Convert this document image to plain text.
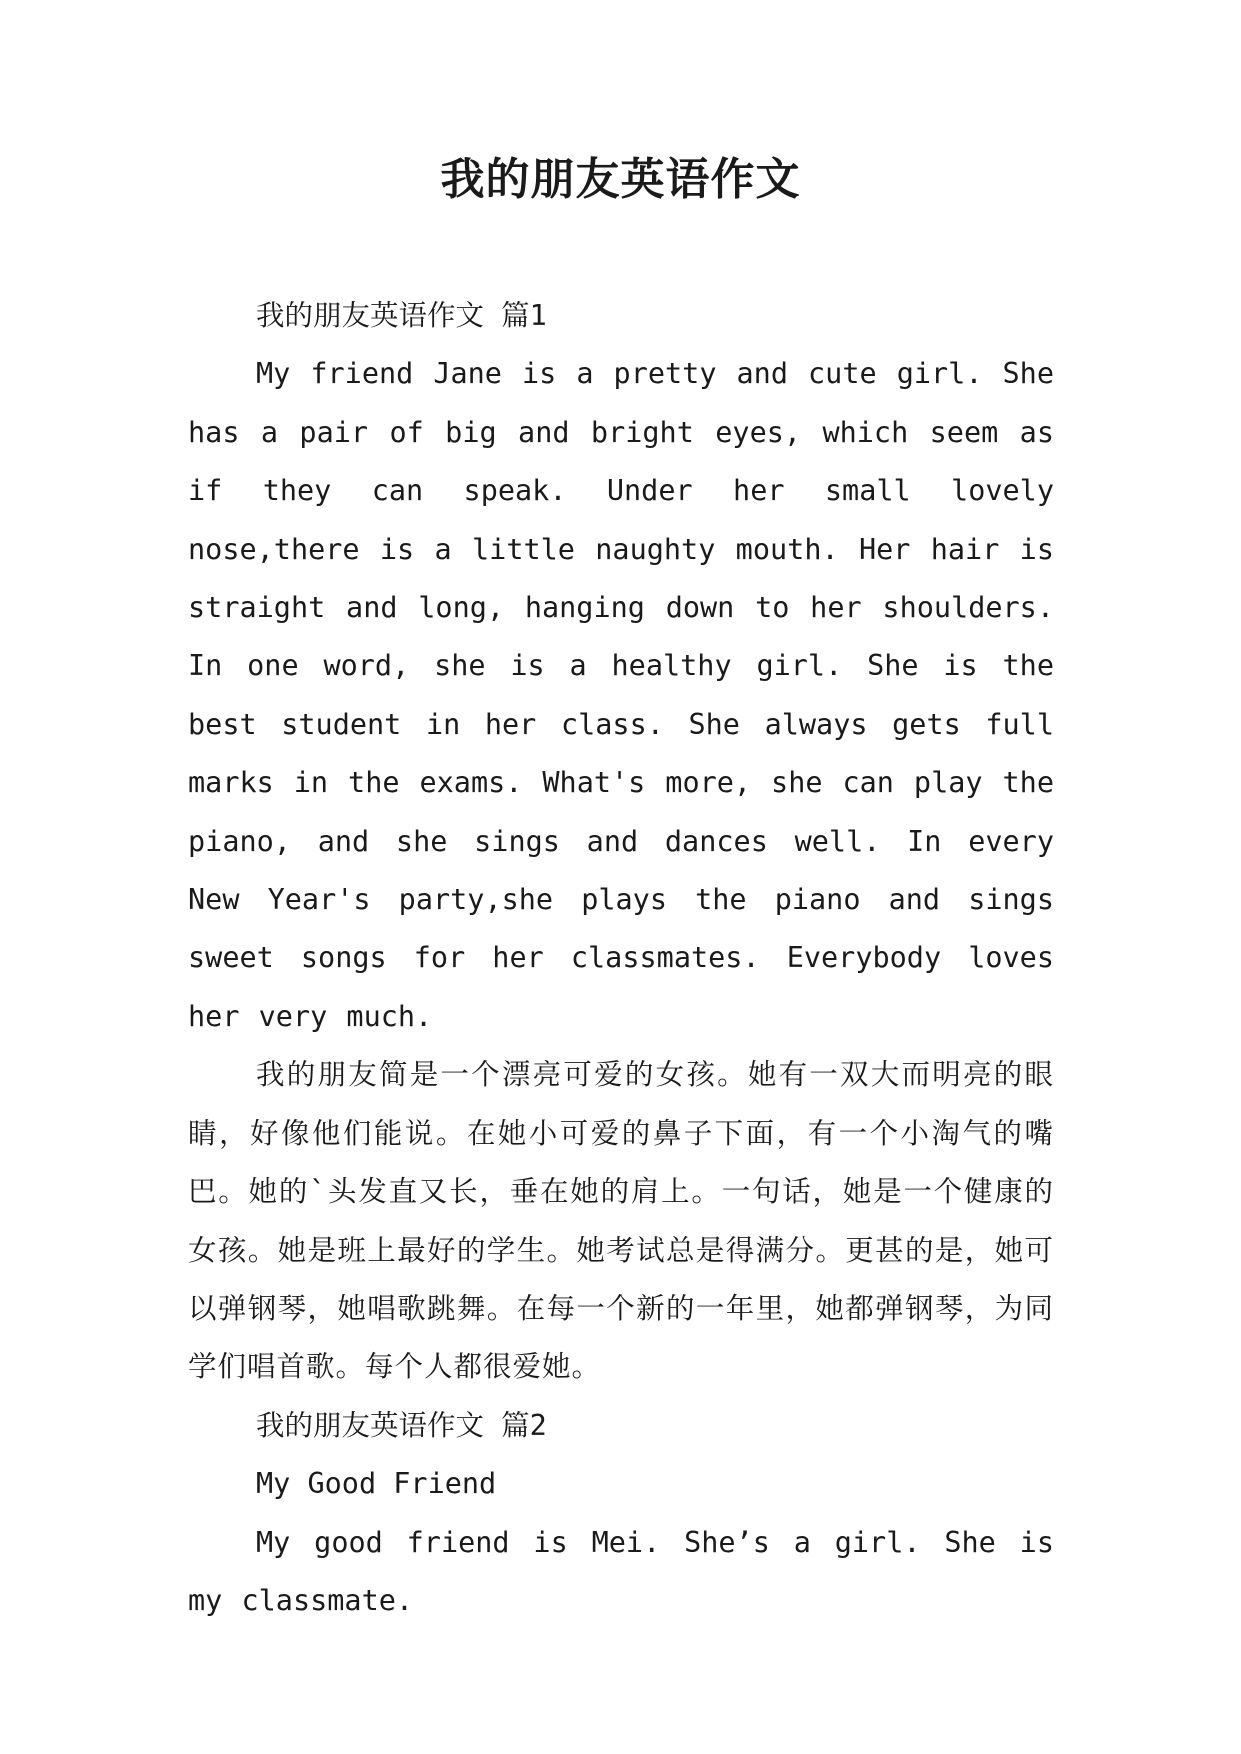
我的朋友英语作文

我的朋友英语作文 篇1

My friend Jane is a pretty and cute girl. She has a pair of big and bright eyes, which seem as if they can speak. Under her small lovely nose,there is a little naughty mouth. Her hair is straight and long, hanging down to her shoulders. In one word, she is a healthy girl. She is the best student in her class. She always gets full marks in the exams. What's more, she can play the piano, and she sings and dances well. In every New Year's party,she plays the piano and sings sweet songs for her classmates. Everybody loves her very much.

我的朋友简是一个漂亮可爱的女孩。她有一双大而明亮的眼睛，好像他们能说。在她小可爱的鼻子下面，有一个小淘气的嘴巴。她的`头发直又长，垂在她的肩上。一句话，她是一个健康的女孩。她是班上最好的学生。她考试总是得满分。更甚的是，她可以弹钢琴，她唱歌跳舞。在每一个新的一年里，她都弹钢琴，为同学们唱首歌。每个人都很爱她。

我的朋友英语作文 篇2

My Good Friend

My good friend is Mei. She’s a girl. She is my classmate.
